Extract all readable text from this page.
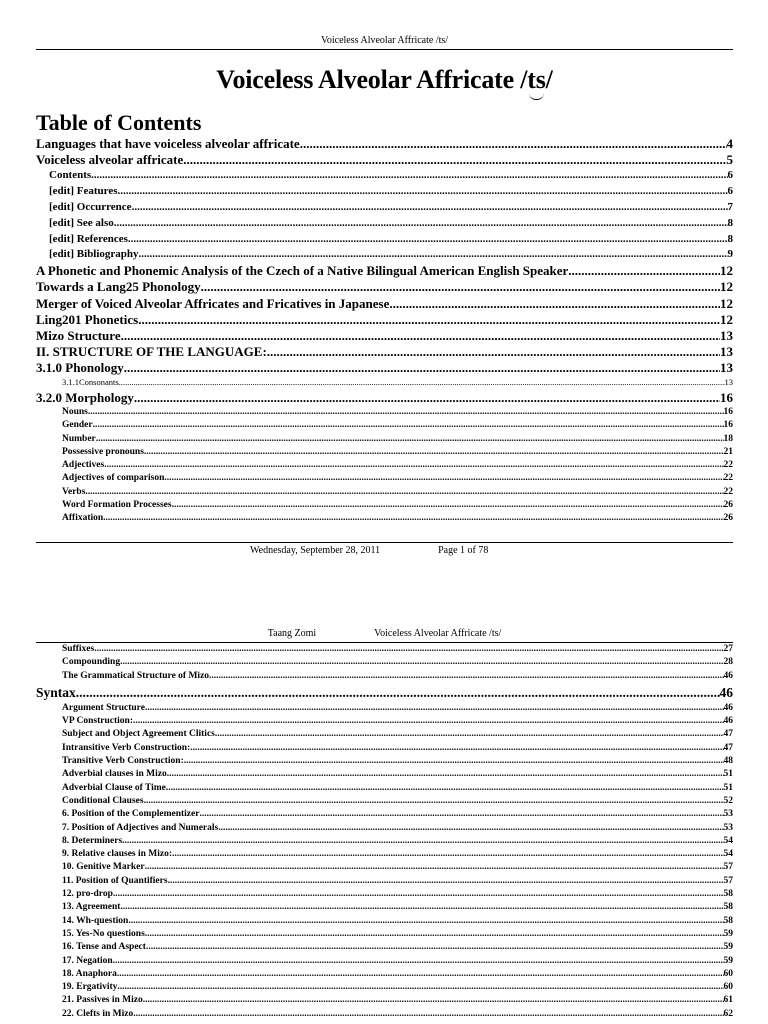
Voiceless Alveolar Affricate /ts/
Voiceless Alveolar Affricate /ts/
Table of Contents
Languages that have voiceless alveolar affricate .....	4
Voiceless alveolar affricate .....	5
Contents .....	6
[edit] Features .....	6
[edit] Occurrence .....	7
[edit] See also .....	8
[edit] References .....	8
[edit] Bibliography .....	9
A Phonetic and Phonemic Analysis of the Czech of a Native Bilingual American English Speaker .....	12
Towards a Lang25 Phonology .....	12
Merger of Voiced Alveolar Affricates and Fricatives in Japanese .....	12
Ling201 Phonetics .....	12
Mizo Structure .....	13
II. STRUCTURE OF THE LANGUAGE: .....	13
3.1.0 Phonology .....	13
3.1.1Consonants .....	13
3.2.0 Morphology .....	16
Nouns .....	16
Gender .....	16
Number .....	18
Possessive pronouns .....	21
Adjectives .....	22
Adjectives of comparison .....	22
Verbs .....	22
Word Formation Processes .....	26
Affixation .....	26
Wednesday, September 28, 2011	Page 1 of 78
Taang Zomi	Voiceless Alveolar Affricate /ts/
Suffixes .....	27
Compounding .....	28
The Grammatical Structure of Mizo .....	46
Syntax .....	46
Argument Structure .....	46
VP Construction: .....	46
Subject and Object Agreement Clitics .....	47
Intransitive Verb Construction: .....	47
Transitive Verb Construction: .....	48
Adverbial clauses in Mizo .....	51
Adverbial Clause of Time .....	51
Conditional Clauses .....	52
6. Position of the Complementizer .....	53
7. Position of Adjectives and Numerals .....	53
8. Determiners .....	54
9. Relative clauses in Mizo: .....	54
10. Genitive Marker .....	57
11. Position of Quantifiers .....	57
12. pro-drop .....	58
13. Agreement .....	58
14. Wh-question .....	58
15. Yes-No questions .....	59
16. Tense and Aspect .....	59
17. Negation .....	59
18. Anaphora .....	60
19. Ergativity .....	60
21. Passives in Mizo .....	61
22. Clefts in Mizo .....	62
